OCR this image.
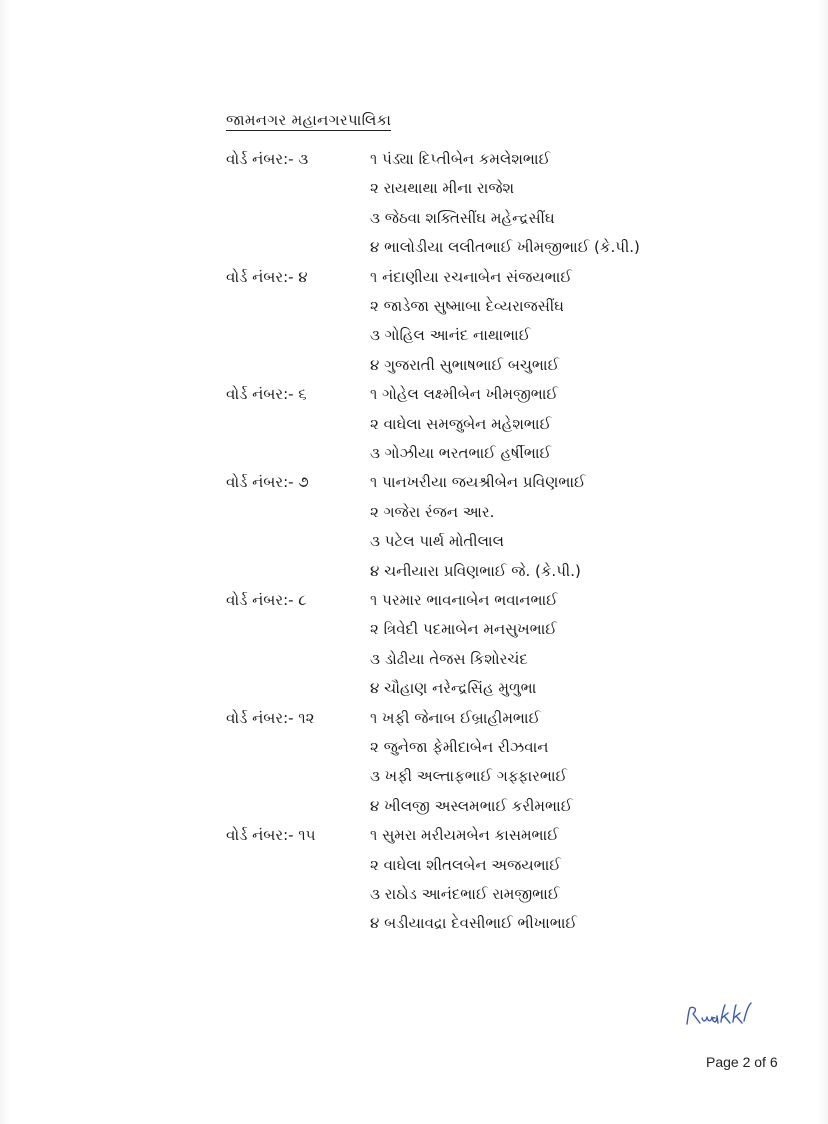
જામનગર મહાનગરપાલિકા
વોર્ડ નંબર:- ૩	૧ પંડ્યા દિપ્તીબેન કમલેશભાઈ
૨ રાયથાથા મીના રાજેશ
૩ જેઠવા શક્તિસીંઘ મહેન્દ્રસીંઘ
૪ ભાલોડીયા લલીતભાઈ ખીમજીભાઈ (કે.પી.)
વોર્ડ નંબર:- ૪	૧ નંદાણીયા રચનાબેન સંજયભાઈ
૨ જાડેજા સુષ્માબા દેવ્યરાજસીંઘ
૩ ગોહિલ આનંદ નાથાભાઈ
૪ ગુજરાતી સુભાષભાઈ બચુભાઈ
વોર્ડ નંબર:- ૬	૧ ગોહેલ લક્ષ્મીબેન ખીમજીભાઈ
૨ વાઘેલા સમજુબેન મહેશભાઈ
૩ ગોઝીયા ભરતભાઈ હર્ષીભાઈ
વોર્ડ નંબર:- ૭	૧ પાનખરીયા જયશ્રીબેન પ્રવિણભાઈ
૨ ગજેરા રંજન આર.
૩ પટેલ પાર્થ મોતીલાલ
૪ ચનીયારા પ્રવિણભાઈ જે. (કે.પી.)
વોર્ડ નંબર:- ૮	૧ પરમાર ભાવનાબેન ભવાનભાઈ
૨ ત્રિવેદી પદમાબેન મનસુખભાઈ
૩ ડોઢીયા તેજસ કિશોરચંદ
૪ ચૌહાણ નરેન્દ્રસિંહ મુળુભા
વોર્ડ નંબર:- ૧૨	૧ ખફી જેનાબ ઈબ્રાહીમભાઈ
૨ જુનેજા ફેમીદાબેન રીઝવાન
૩ ખફી અલ્તાફભાઈ ગફ્ફારભાઈ
૪ ખીલજી અસ્લમભાઈ કરીમભાઈ
વોર્ડ નંબર:- ૧૫	૧ સુમરા મરીયમબેન કાસમભાઈ
૨ વાઘેલા શીતલબેન અજયભાઈ
૩ રાઠોડ આનંદભાઈ રામજીભાઈ
૪ બડીયાવદ્રા દેવસીભાઈ ભીખાભાઈ
Page 2 of 6
